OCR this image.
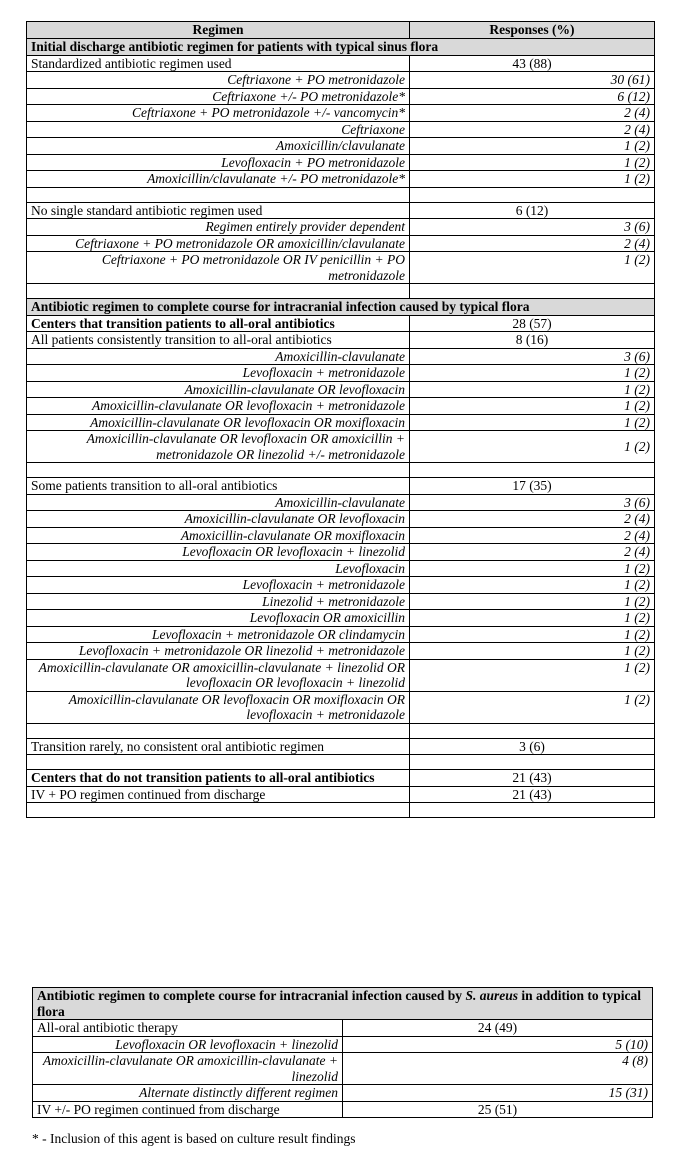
Regimen	Responses (%)
Initial discharge antibiotic regimen for patients with typical sinus flora	
Standardized antibiotic regimen used	43 (88)
Ceftriaxone + PO metronidazole	30 (61)
Ceftriaxone +/- PO metronidazole*	6 (12)
Ceftriaxone + PO metronidazole +/- vancomycin*	2 (4)
Ceftriaxone	2 (4)
Amoxicillin/clavulanate	1 (2)
Levofloxacin + PO metronidazole	1 (2)
Amoxicillin/clavulanate +/- PO metronidazole*	1 (2)

No single standard antibiotic regimen used	6 (12)
Regimen entirely provider dependent	3 (6)
Ceftriaxone + PO metronidazole OR amoxicillin/clavulanate	2 (4)
Ceftriaxone + PO metronidazole OR IV penicillin + PO metronidazole	1 (2)

Antibiotic regimen to complete course for intracranial infection caused by typical flora	
Centers that transition patients to all-oral antibiotics	28 (57)
All patients consistently transition to all-oral antibiotics	8 (16)
Amoxicillin-clavulanate	3 (6)
Levofloxacin + metronidazole	1 (2)
Amoxicillin-clavulanate OR levofloxacin	1 (2)
Amoxicillin-clavulanate OR levofloxacin + metronidazole	1 (2)
Amoxicillin-clavulanate OR levofloxacin OR moxifloxacin	1 (2)
Amoxicillin-clavulanate OR levofloxacin OR amoxicillin + metronidazole OR linezolid +/- metronidazole	1 (2)

Some patients transition to all-oral antibiotics	17 (35)
Amoxicillin-clavulanate	3 (6)
Amoxicillin-clavulanate OR levofloxacin	2 (4)
Amoxicillin-clavulanate OR moxifloxacin	2 (4)
Levofloxacin OR levofloxacin + linezolid	2 (4)
Levofloxacin	1 (2)
Levofloxacin + metronidazole	1 (2)
Linezolid + metronidazole	1 (2)
Levofloxacin OR amoxicillin	1 (2)
Levofloxacin + metronidazole OR clindamycin	1 (2)
Levofloxacin + metronidazole OR linezolid + metronidazole	1 (2)
Amoxicillin-clavulanate OR amoxicillin-clavulanate + linezolid OR levofloxacin OR levofloxacin + linezolid	1 (2)
Amoxicillin-clavulanate OR levofloxacin OR moxifloxacin OR levofloxacin + metronidazole	1 (2)

Transition rarely, no consistent oral antibiotic regimen	3 (6)

Centers that do not transition patients to all-oral antibiotics	21 (43)
IV + PO regimen continued from discharge	21 (43)

Antibiotic regimen to complete course for intracranial infection caused by S. aureus in addition to typical flora	
All-oral antibiotic therapy	24 (49)
Levofloxacin OR levofloxacin + linezolid	5 (10)
Amoxicillin-clavulanate OR amoxicillin-clavulanate + linezolid	4 (8)
Alternate distinctly different regimen	15 (31)
IV +/- PO regimen continued from discharge	25 (51)
* - Inclusion of this agent is based on culture result findings
